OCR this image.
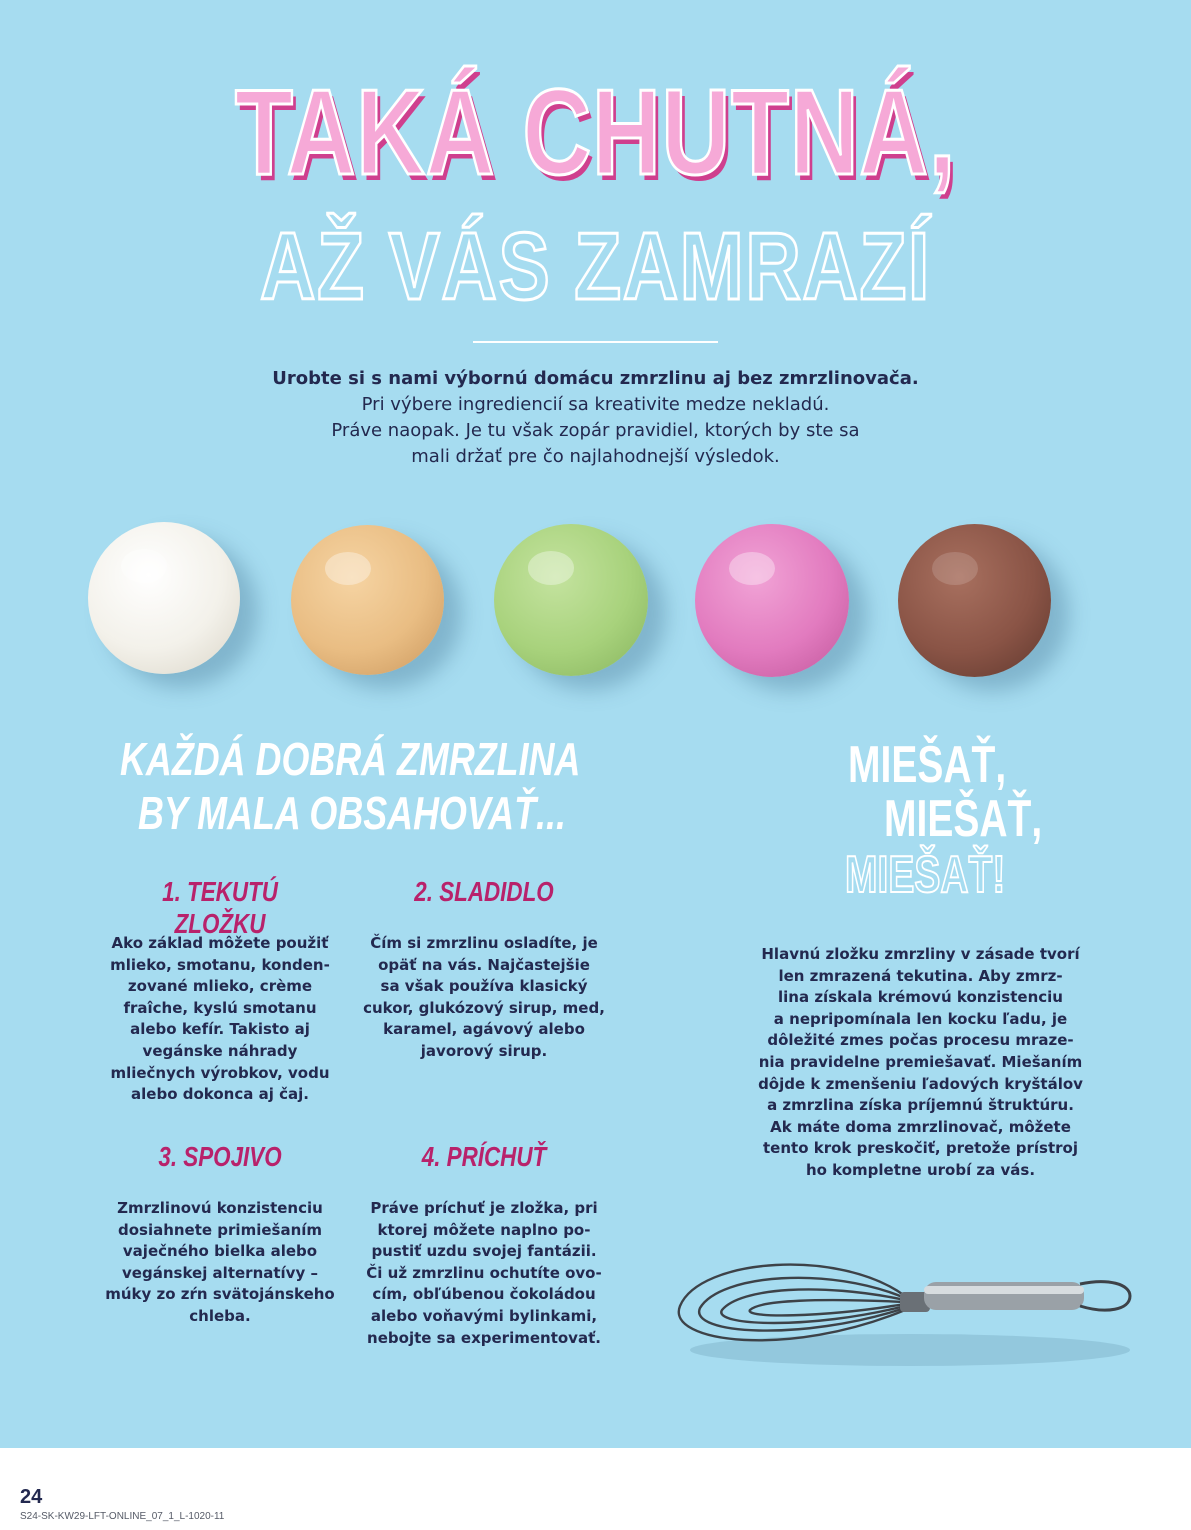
TAKÁ CHUTNÁ,
AŽ VÁS ZAMRAZÍ

Urobte si s nami výbornú domácu zmrzlinu aj bez zmrzlinovača.
Pri výbere ingrediencií sa kreativite medze nekladú.
Práve naopak. Je tu však zopár pravidiel, ktorých by ste sa
mali držať pre čo najlahodnejší výsledok.

KAŽDÁ DOBRÁ ZMRZLINA
BY MALA OBSAHOVAŤ...
1. TEKUTÚ ZLOŽKU

Ako základ môžete použiť
mlieko, smotanu, konden-
zované mlieko, crème
fraîche, kyslú smotanu
alebo kefír. Takisto aj
vegánske náhrady
mliečnych výrobkov, vodu
alebo dokonca aj čaj.

2. SLADIDLO

Čím si zmrzlinu osladíte, je
opäť na vás. Najčastejšie
sa však používa klasický
cukor, glukózový sirup, med,
karamel, agávový alebo
javorový sirup.

3. SPOJIVO

Zmrzlinovú konzistenciu
dosiahnete primiešaním
vaječného bielka alebo
vegánskej alternatívy –
múky zo zŕn svätojánskeho
chleba.

4. PRÍCHUŤ

Práve príchuť je zložka, pri
ktorej môžete naplno po-
pustiť uzdu svojej fantázii.
Či už zmrzlinu ochutíte ovo-
cím, obľúbenou čokoládou
alebo voňavými bylinkami,
nebojte sa experimentovať.

MIEŠAŤ,
MIEŠAŤ,
MIEŠAŤ!

Hlavnú zložku zmrzliny v zásade tvorí
len zmrazená tekutina. Aby zmrz-
lina získala krémovú konzistenciu
a nepripomínala len kocku ľadu, je
dôležité zmes počas procesu mrazе-
nia pravidelne premiešavať. Miešaním
dôjde k zmenšeniu ľadových kryštálov
a zmrzlina získa príjemnú štruktúru.
Ak máte doma zmrzlinovač, môžete
tento krok preskočiť, pretože prístroj
ho kompletne urobí za vás.

24
S24-SK-KW29-LFT-ONLINE_07_1_L-1020-11
